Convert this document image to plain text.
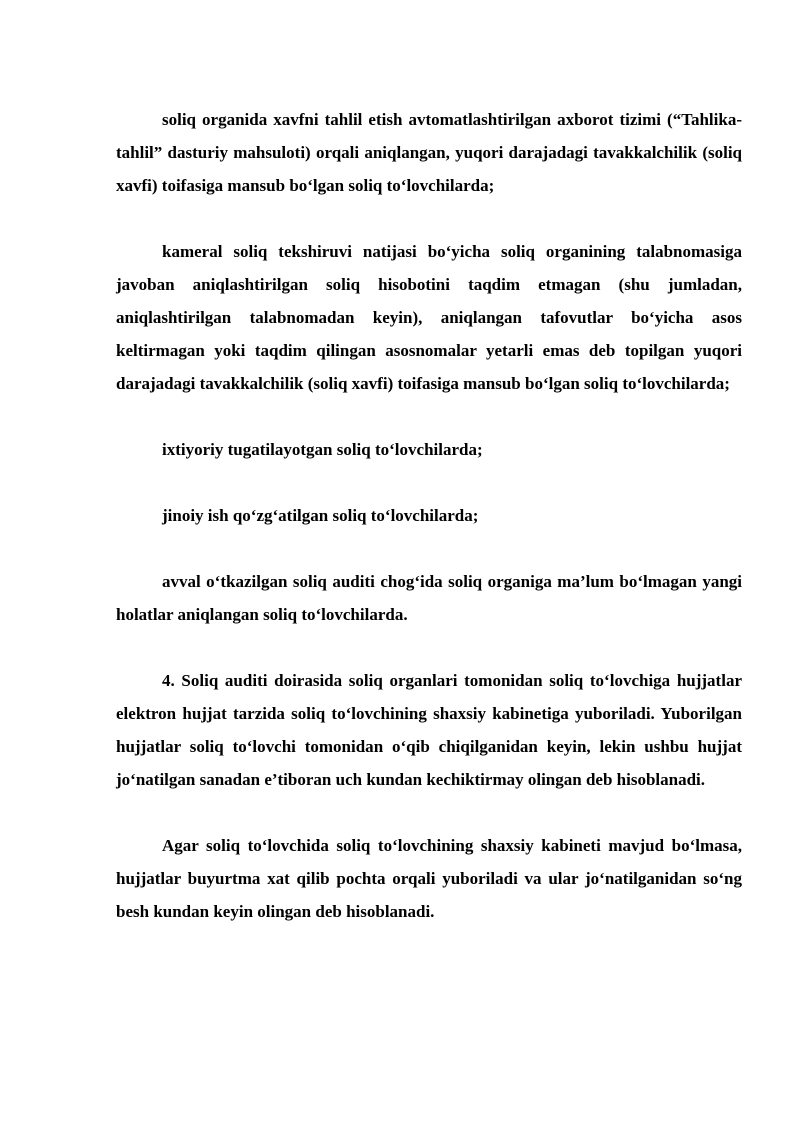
soliq organida xavfni tahlil etish avtomatlashtirilgan axborot tizimi (“Tahlika-tahlil” dasturiy mahsuloti) orqali aniqlangan, yuqori darajadagi tavakkalchilik (soliq xavfi) toifasiga mansub bo‘lgan soliq to‘lovchilarda;

kameral soliq tekshiruvi natijasi bo‘yicha soliq organining talabnomasiga javoban aniqlashtirilgan soliq hisobotini taqdim etmagan (shu jumladan, aniqlashtirilgan talabnomadan keyin), aniqlangan tafovutlar bo‘yicha asos keltirmagan yoki taqdim qilingan asosnomalar yetarli emas deb topilgan yuqori darajadagi tavakkalchilik (soliq xavfi) toifasiga mansub bo‘lgan soliq to‘lovchilarda;

ixtiyoriy tugatilayotgan soliq to‘lovchilarda;

jinoiy ish qo‘zg‘atilgan soliq to‘lovchilarda;

avval o‘tkazilgan soliq auditi chog‘ida soliq organiga ma’lum bo‘lmagan yangi holatlar aniqlangan soliq to‘lovchilarda.

4. Soliq auditi doirasida soliq organlari tomonidan soliq to‘lovchiga hujjatlar elektron hujjat tarzida soliq to‘lovchining shaxsiy kabinetiga yuboriladi. Yuborilgan hujjatlar soliq to‘lovchi tomonidan o‘qib chiqilganidan keyin, lekin ushbu hujjat jo‘natilgan sanadan e’tiboran uch kundan kechiktirmay olingan deb hisoblanadi.

Agar soliq to‘lovchida soliq to‘lovchining shaxsiy kabineti mavjud bo‘lmasa, hujjatlar buyurtma xat qilib pochta orqali yuboriladi va ular jo‘natilganidan so‘ng besh kundan keyin olingan deb hisoblanadi.
